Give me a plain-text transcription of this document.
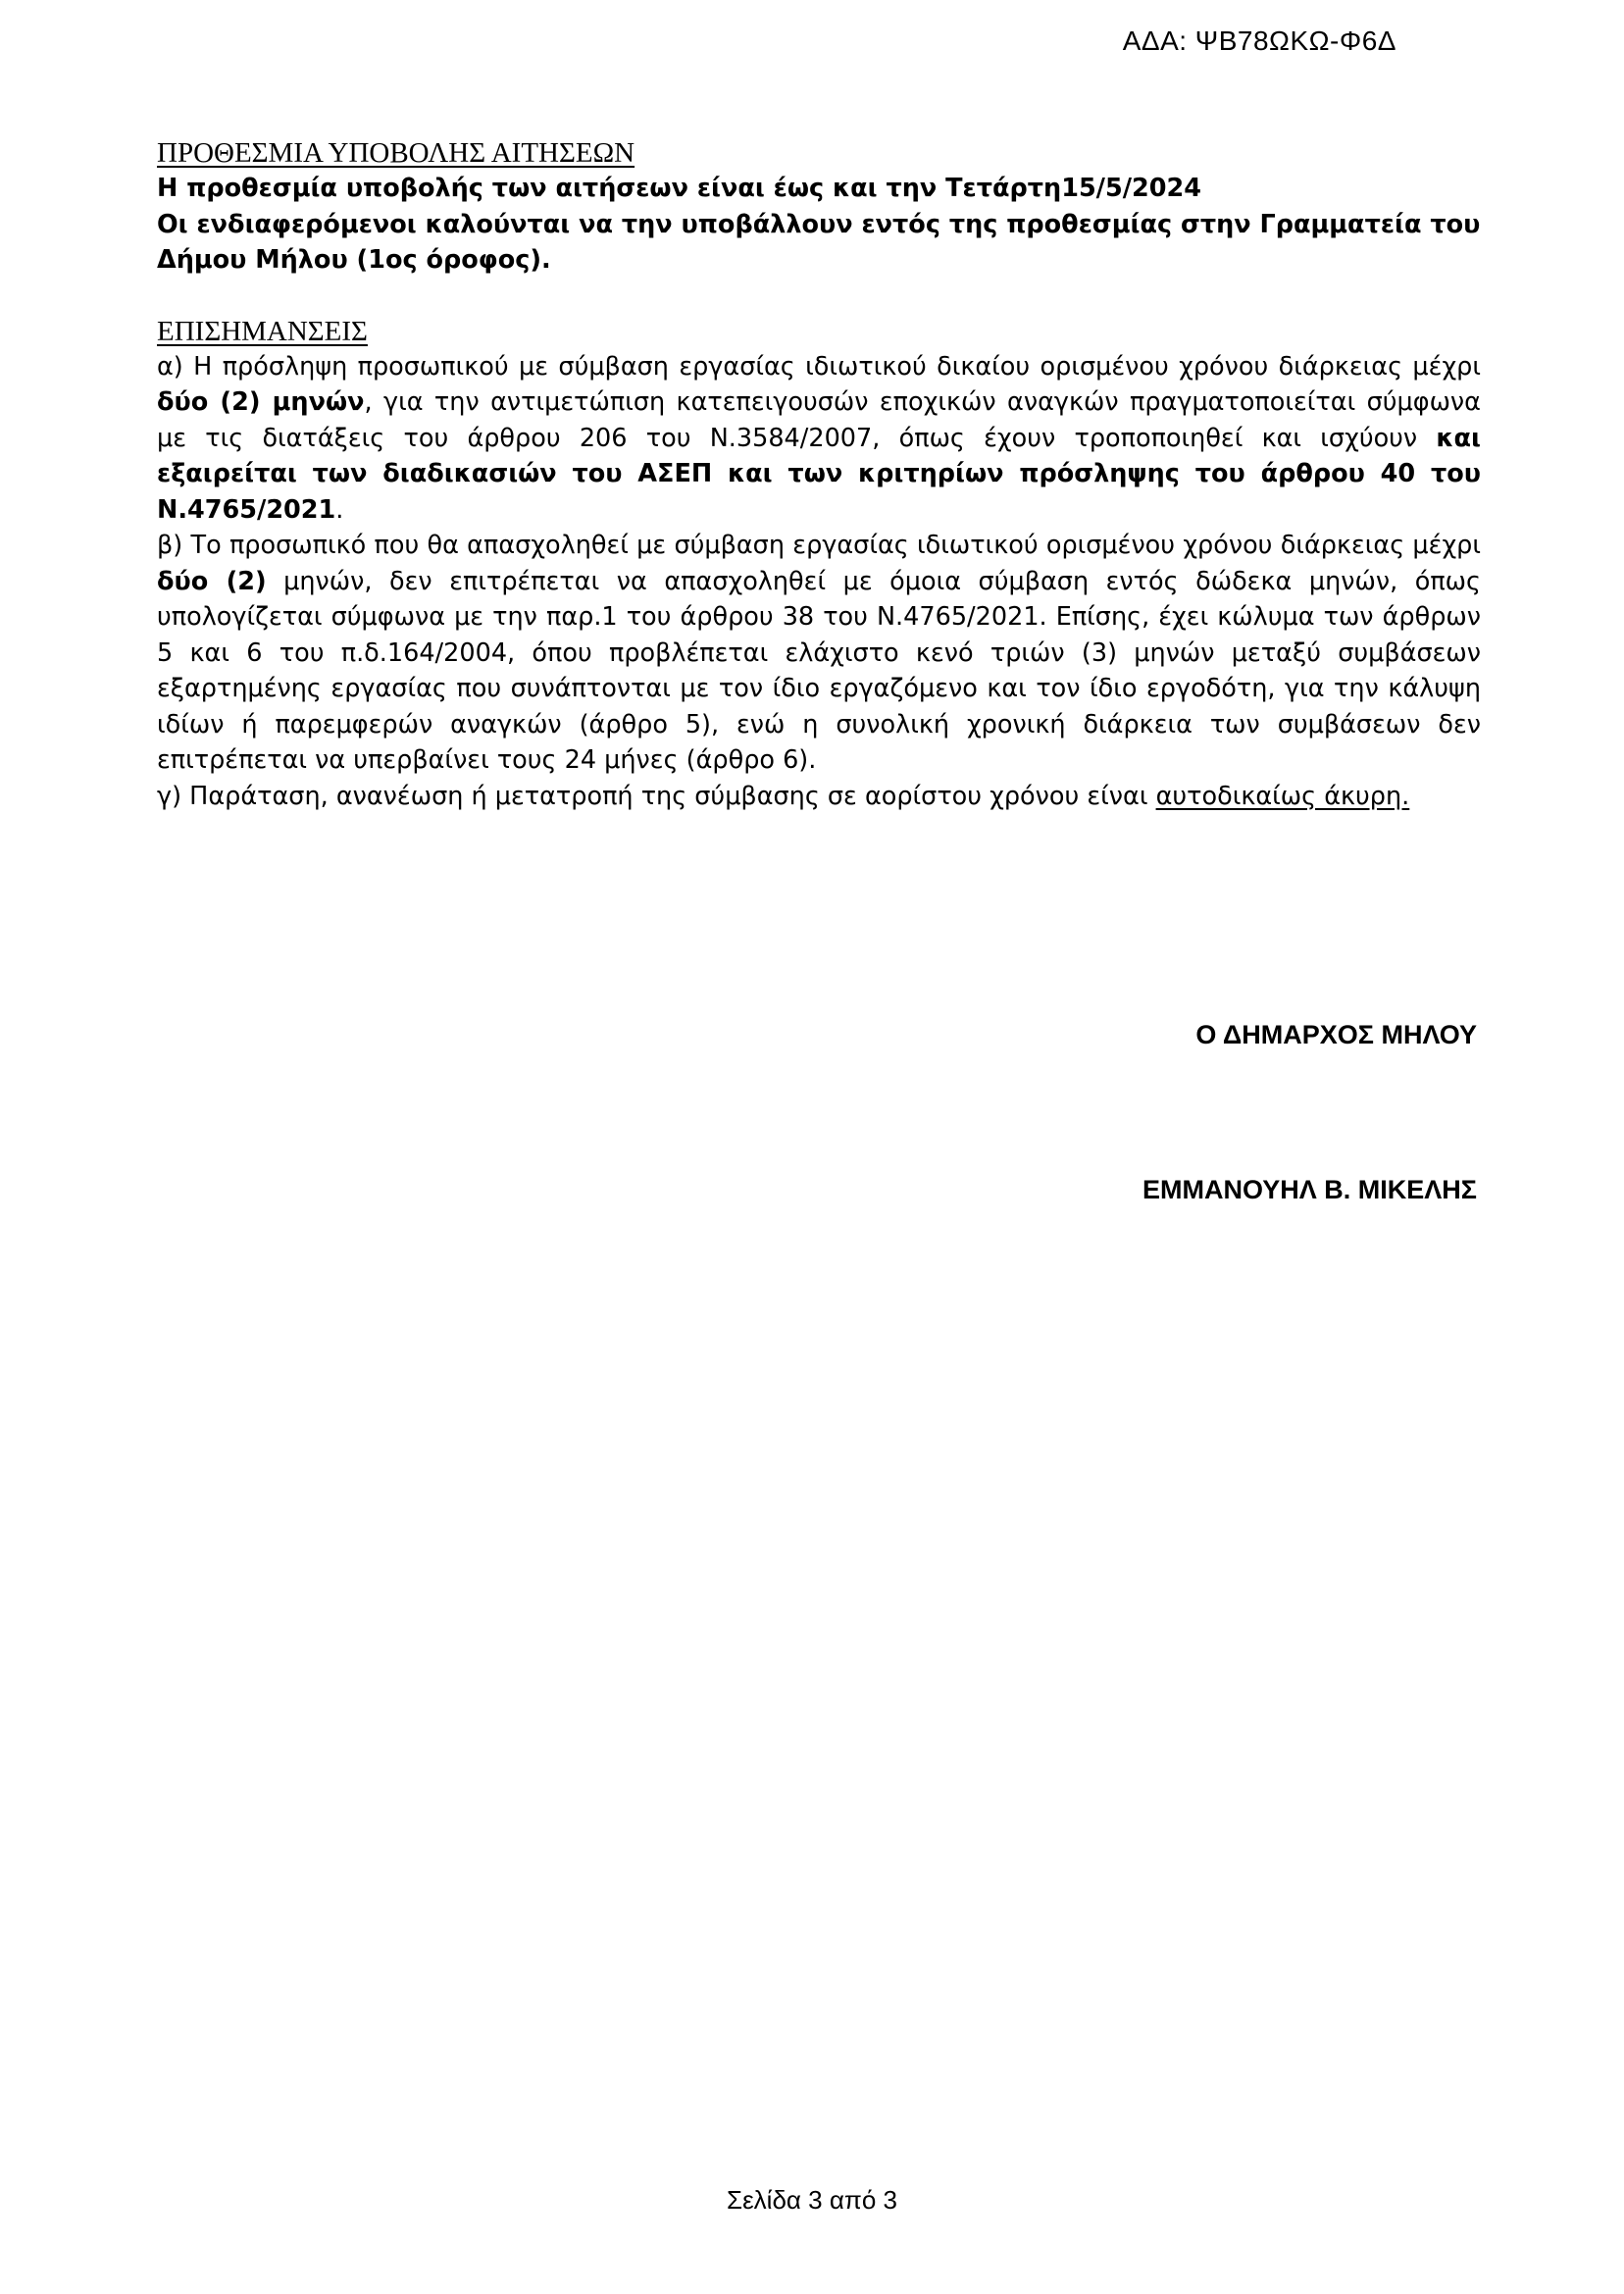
ΑΔΑ: ΨΒ78ΩΚΩ-Φ6Δ
ΠΡΟΘΕΣΜΙΑ ΥΠΟΒΟΛΗΣ ΑΙΤΗΣΕΩΝ

Η προθεσμία υποβολής των αιτήσεων είναι έως και την Τετάρτη15/5/2024

Οι ενδιαφερόμενοι καλούνται να την υποβάλλουν εντός της προθεσμίας στην Γραμματεία του Δήμου Μήλου (1ος όροφος).

ΕΠΙΣΗΜΑΝΣΕΙΣ

α) Η πρόσληψη προσωπικού με σύμβαση εργασίας ιδιωτικού δικαίου ορισμένου χρόνου διάρκειας μέχρι δύο (2) μηνών, για την αντιμετώπιση κατεπειγουσών εποχικών αναγκών πραγματοποιείται σύμφωνα με τις διατάξεις του άρθρου 206 του Ν.3584/2007, όπως έχουν τροποποιηθεί και ισχύουν και εξαιρείται των διαδικασιών του ΑΣΕΠ και των κριτηρίων πρόσληψης του άρθρου 40 του Ν.4765/2021.

β) Το προσωπικό που θα απασχοληθεί με σύμβαση εργασίας ιδιωτικού ορισμένου χρόνου διάρκειας μέχρι δύο (2) μηνών, δεν επιτρέπεται να απασχοληθεί με όμοια σύμβαση εντός δώδεκα μηνών, όπως υπολογίζεται σύμφωνα με την παρ.1 του άρθρου 38 του Ν.4765/2021. Επίσης, έχει κώλυμα των άρθρων 5 και 6 του π.δ.164/2004, όπου προβλέπεται ελάχιστο κενό τριών (3) μηνών μεταξύ συμβάσεων εξαρτημένης εργασίας που συνάπτονται με τον ίδιο εργαζόμενο και τον ίδιο εργοδότη, για την κάλυψη ιδίων ή παρεμφερών αναγκών (άρθρο 5), ενώ η συνολική χρονική διάρκεια των συμβάσεων δεν επιτρέπεται να υπερβαίνει τους 24 μήνες (άρθρο 6).

γ) Παράταση, ανανέωση ή μετατροπή της σύμβασης σε αορίστου χρόνου είναι αυτοδικαίως άκυρη.

Ο ΔΗΜΑΡΧΟΣ ΜΗΛΟΥ
ΕΜΜΑΝΟΥΗΛ Β. ΜΙΚΕΛΗΣ
Σελίδα 3 από 3
